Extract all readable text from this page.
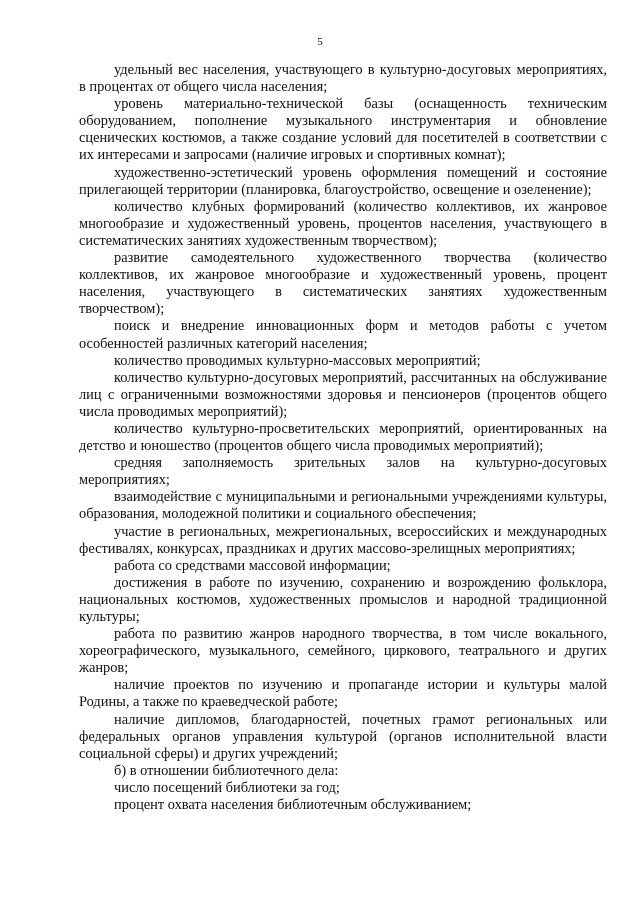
5

удельный вес населения, участвующего в культурно-досуговых мероприятиях, в процентах от общего числа населения;

уровень материально-технической базы (оснащенность техническим оборудованием, пополнение музыкального инструментария и обновление сценических костюмов, а также создание условий для посетителей в соответствии с их интересами и запросами (наличие игровых и спортивных комнат);

художественно-эстетический уровень оформления помещений и состояние прилегающей территории (планировка, благоустройство, освещение и озеленение);

количество клубных формирований (количество коллективов, их жанровое многообразие и художественный уровень, процентов населения, участвующего в систематических занятиях художественным творчеством);

развитие самодеятельного художественного творчества (количество коллективов, их жанровое многообразие и художественный уровень, процент населения, участвующего в систематических занятиях художественным творчеством);

поиск и внедрение инновационных форм и методов работы с учетом особенностей различных категорий населения;

количество проводимых культурно-массовых мероприятий;

количество культурно-досуговых мероприятий, рассчитанных на обслуживание лиц с ограниченными возможностями здоровья и пенсионеров (процентов общего числа проводимых мероприятий);

количество культурно-просветительских мероприятий, ориентированных на детство и юношество (процентов общего числа проводимых мероприятий);

средняя заполняемость зрительных залов на культурно-досуговых мероприятиях;

взаимодействие с муниципальными и региональными учреждениями культуры, образования, молодежной политики и социального обеспечения;

участие в региональных, межрегиональных, всероссийских и международных фестивалях, конкурсах, праздниках и других массово-зрелищных мероприятиях;

работа со средствами массовой информации;

достижения в работе по изучению, сохранению и возрождению фольклора, национальных костюмов, художественных промыслов и народной традиционной культуры;

работа по развитию жанров народного творчества, в том числе вокального, хореографического, музыкального, семейного, циркового, театрального и других жанров;

наличие проектов по изучению и пропаганде истории и культуры малой Родины, а также по краеведческой работе;

наличие дипломов, благодарностей, почетных грамот региональных или федеральных органов управления культурой (органов исполнительной власти социальной сферы) и других учреждений;

б) в отношении библиотечного дела:

число посещений библиотеки за год;

процент охвата населения библиотечным обслуживанием;
